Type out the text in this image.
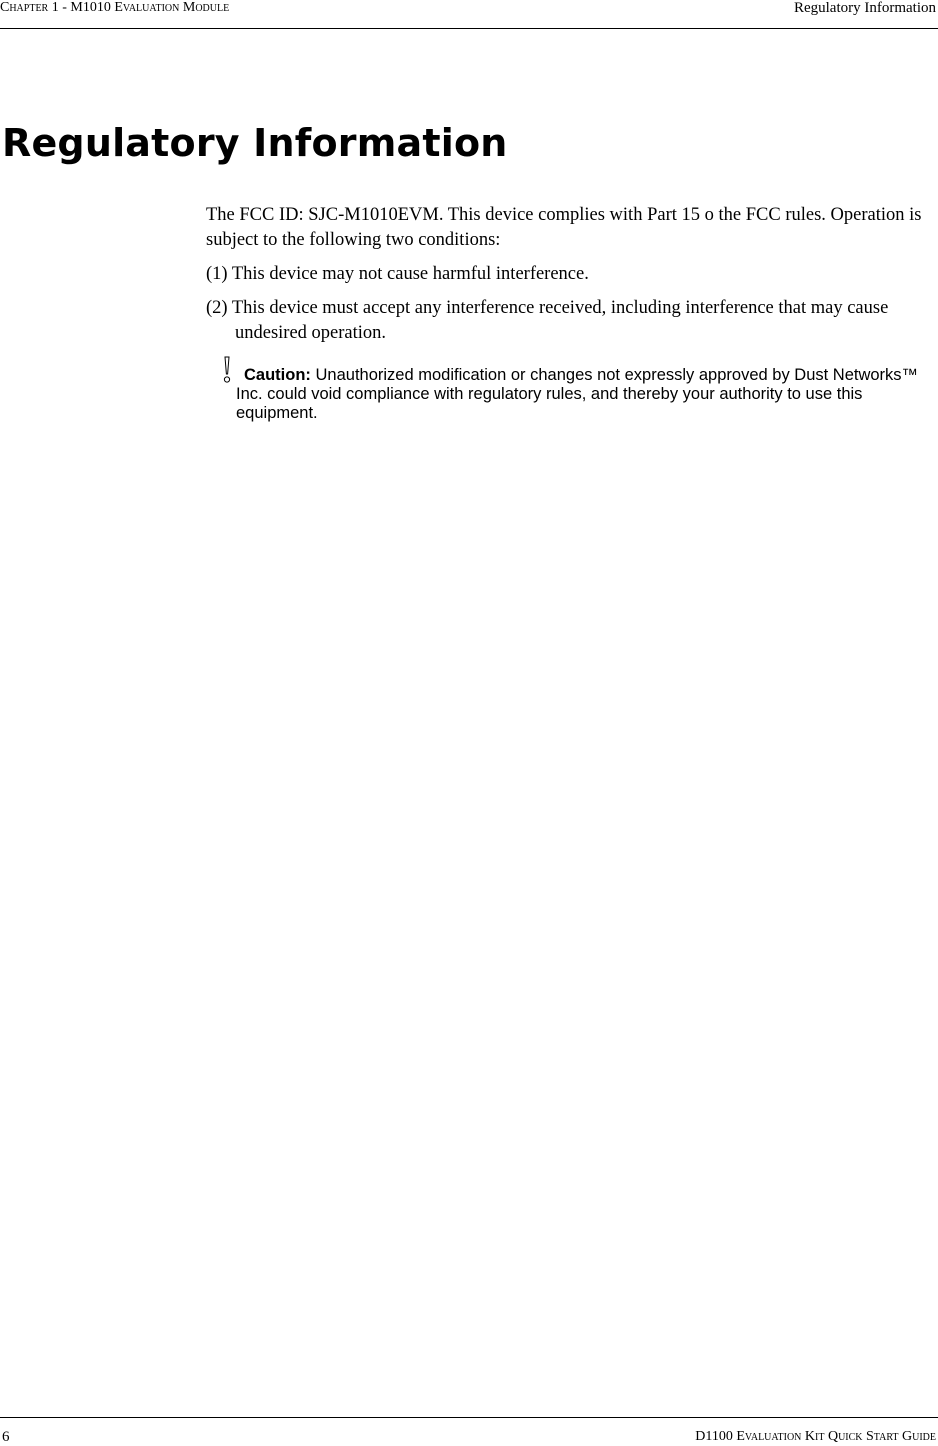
Chapter 1 - M1010 Evaluation Module	Regulatory Information
Regulatory Information

The FCC ID: SJC-M1010EVM. This device complies with Part 15 o the FCC rules. Operation is subject to the following two conditions:

(1) This device may not cause harmful interference.

(2) This device must accept any interference received, including interference that may cause undesired operation.

Caution: Unauthorized modification or changes not expressly approved by Dust Networks™ Inc. could void compliance with regulatory rules, and thereby your authority to use this equipment.

6	D1100 Evaluation Kit Quick Start Guide
